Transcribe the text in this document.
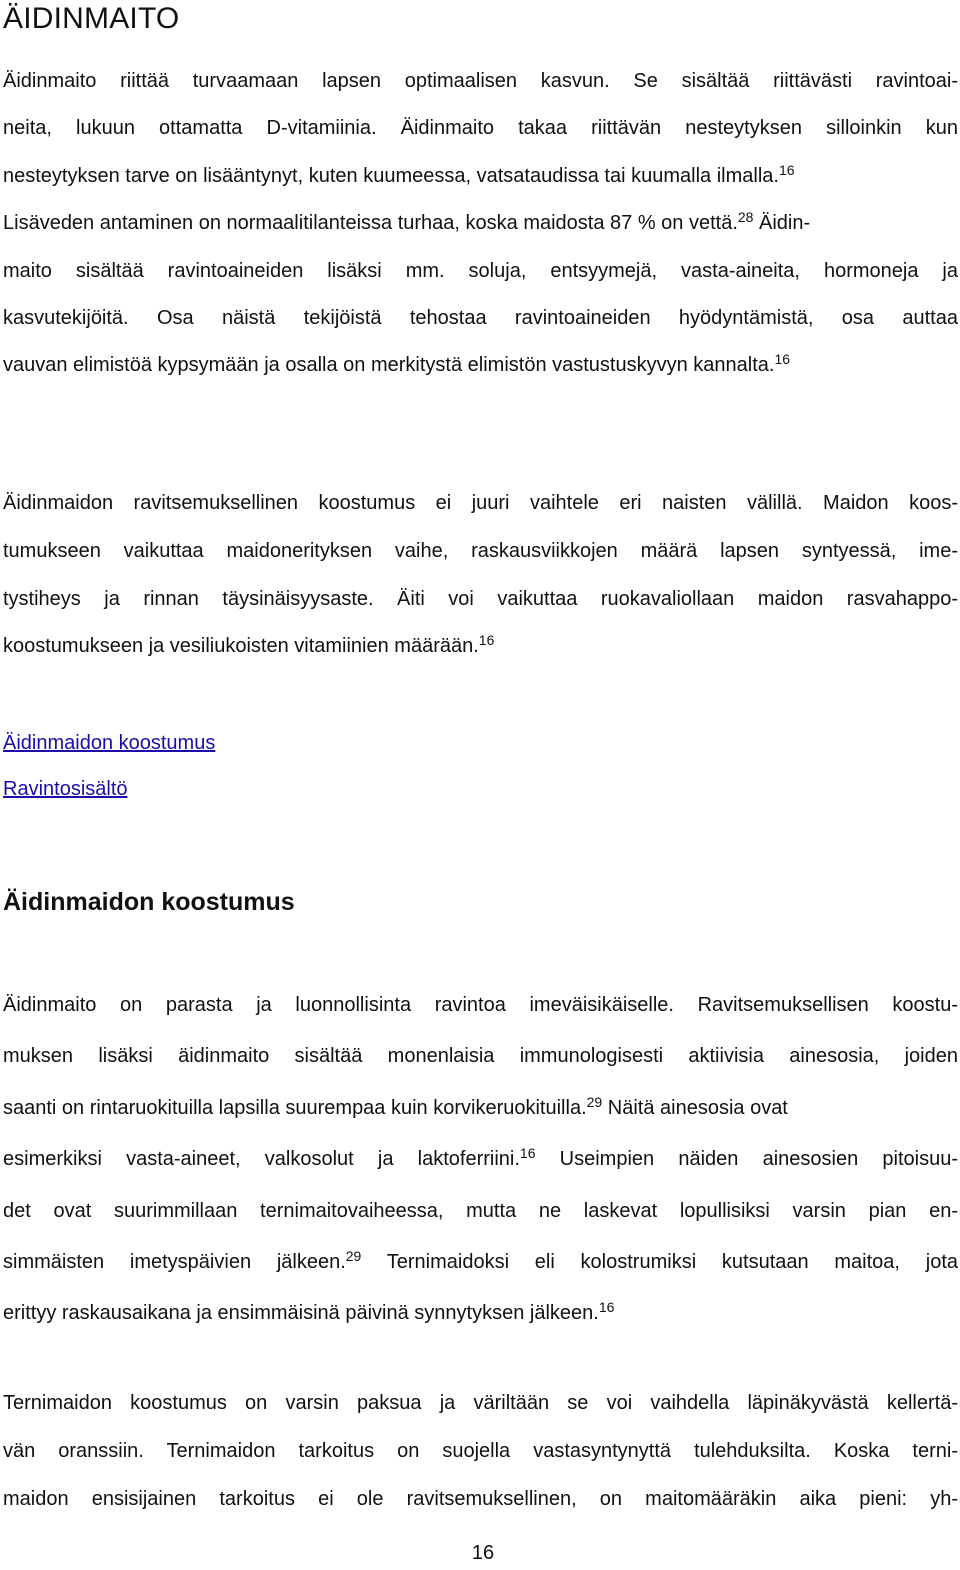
ÄIDINMAITO
Äidinmaito riittää turvaamaan lapsen optimaalisen kasvun. Se sisältää riittävästi ravintoai-
neita, lukuun ottamatta D-vitamiinia. Äidinmaito takaa riittävän nesteytyksen silloinkin kun
nesteytyksen tarve on lisääntynyt, kuten kuumeessa, vatsataudissa tai kuumalla ilmalla.$^{16}$
Lisäveden antaminen on normaalitilanteissa turhaa, koska maidosta 87 % on vettä.$^{28}$ Äidin-
maito sisältää ravintoaineiden lisäksi mm. soluja, entsyymejä, vasta-aineita, hormoneja ja
kasvutekijöitä. Osa näistä tekijöistä tehostaa ravintoaineiden hyödyntämistä, osa auttaa
vauvan elimistöä kypsymään ja osalla on merkitystä elimistön vastustuskyvyn kannalta.$^{16}$
Äidinmaidon ravitsemuksellinen koostumus ei juuri vaihtele eri naisten välillä. Maidon koos-
tumukseen vaikuttaa maidonerityksen vaihe, raskausviikkojen määrä lapsen syntyessä, ime-
tystiheys ja rinnan täysinäisyysaste. Äiti voi vaikuttaa ruokavaliollaan maidon rasvahappo-
koostumukseen ja vesiliukoisten vitamiinien määrään.$^{16}$
Äidinmaidon koostumus
Ravintosisältö
Äidinmaidon koostumus
Äidinmaito on parasta ja luonnollisinta ravintoa imeväisikäiselle. Ravitsemuksellisen koostu-
muksen lisäksi äidinmaito sisältää monenlaisia immunologisesti aktiivisia ainesosia, joiden
saanti on rintaruokituilla lapsilla suurempaa kuin korvikeruokituilla.$^{29}$ Näitä ainesosia ovat
esimerkiksi vasta-aineet, valkosolut ja laktoferriini.$^{16}$ Useimpien näiden ainesosien pitoisuu-
det ovat suurimmillaan ternimaitovaiheessa, mutta ne laskevat lopullisiksi varsin pian en-
simmäisten imetyspäivien jälkeen.$^{29}$ Ternimaidoksi eli kolostrumiksi kutsutaan maitoa, jota
erittyy raskausaikana ja ensimmäisinä päivinä synnytyksen jälkeen.$^{16}$
Ternimaidon koostumus on varsin paksua ja väriltään se voi vaihdella läpinäkyvästä kellertä-
vän oranssiin. Ternimaidon tarkoitus on suojella vastasyntynyttä tulehduksilta. Koska terni-
maidon ensisijainen tarkoitus ei ole ravitsemuksellinen, on maitomääräkin aika pieni: yh-
16
